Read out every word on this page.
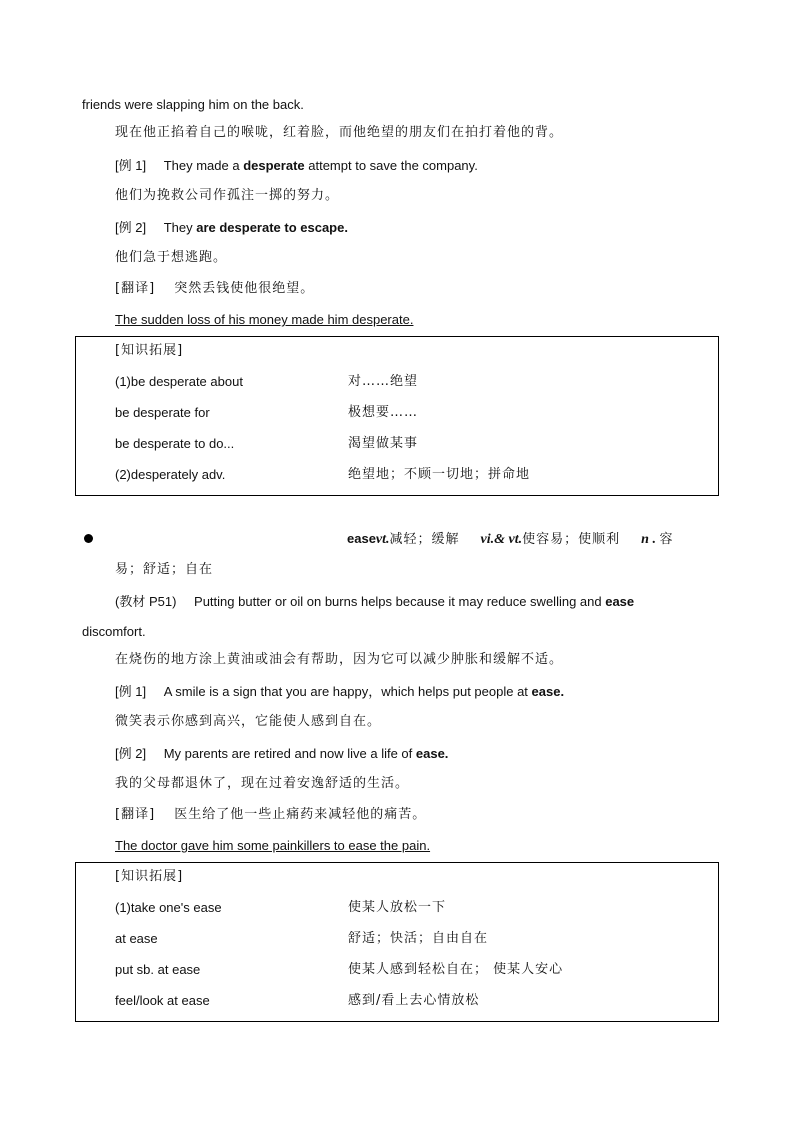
friends were slapping him on the back.
现在他正掐着自己的喉咙，红着脸，而他绝望的朋友们在拍打着他的背。
[例 1] They made a desperate attempt to save the company.
他们为挽救公司作孤注一掷的努力。
[例 2] They are desperate to escape.
他们急于想逃跑。
[翻译] 突然丢钱使他很绝望。
The sudden loss of his money made him desperate.
[知识拓展]
(1)be desperate about	对……绝望
be desperate for	极想要……
be desperate to do...	渴望做某事
(2)desperately adv.	绝望地；不顾一切地；拼命地
easevt.减轻；缓解 vi.& vt.使容易；使顺利 n . 容
易；舒适；自在
(教材 P51) Putting butter or oil on burns helps because it may reduce swelling and ease
discomfort.
在烧伤的地方涂上黄油或油会有帮助，因为它可以减少肿胀和缓解不适。
[例 1] A smile is a sign that you are happy，which helps put people at ease.
微笑表示你感到高兴，它能使人感到自在。
[例 2] My parents are retired and now live a life of ease.
我的父母都退休了，现在过着安逸舒适的生活。
[翻译] 医生给了他一些止痛药来减轻他的痛苦。
The doctor gave him some painkillers to ease the pain.
[知识拓展]
(1)take one's ease	使某人放松一下
at ease	舒适；快活；自由自在
put sb. at ease	使某人感到轻松自在； 使某人安心
feel/look at ease	感到/看上去心情放松
